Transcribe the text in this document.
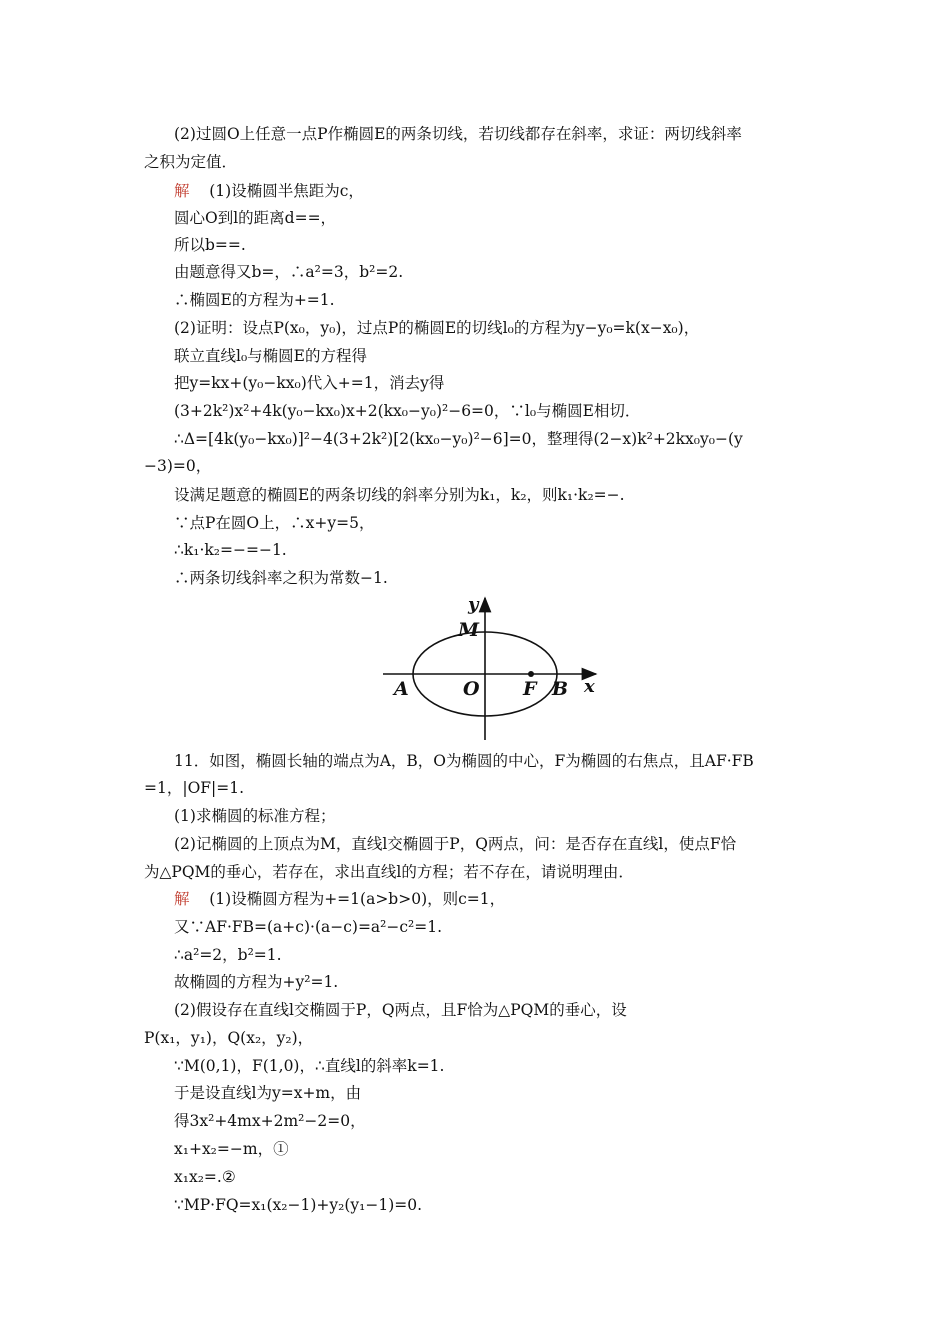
(2)过圆O上任意一点P作椭圆E的两条切线，若切线都存在斜率，求证：两切线斜率
之积为定值．
解 (1)设椭圆半焦距为c，
圆心O到l的距离d==，
所以b==.
由题意得又b=，∴a²=3，b²=2.
∴椭圆E的方程为+=1.
(2)证明：设点P(x₀，y₀)，过点P的椭圆E的切线l₀的方程为y−y₀=k(x−x₀)，
联立直线l₀与椭圆E的方程得
把y=kx+(y₀−kx₀)代入+=1，消去y得
(3+2k²)x²+4k(y₀−kx₀)x+2(kx₀−y₀)²−6=0，∵l₀与椭圆E相切．
∴Δ=[4k(y₀−kx₀)]²−4(3+2k²)[2(kx₀−y₀)²−6]=0，整理得(2−x)k²+2kx₀y₀−(y
−3)=0，
设满足题意的椭圆E的两条切线的斜率分别为k₁，k₂，则k₁·k₂=−.
∵点P在圆O上，∴x+y=5，
∴k₁·k₂=−=−1.
∴两条切线斜率之积为常数−1.
y
M
A	O F B x
11．如图，椭圆长轴的端点为A，B，O为椭圆的中心，F为椭圆的右焦点，且AF·FB
=1，|OF|=1.
(1)求椭圆的标准方程；
(2)记椭圆的上顶点为M，直线l交椭圆于P，Q两点，问：是否存在直线l，使点F恰
为△PQM的垂心，若存在，求出直线l的方程；若不存在，请说明理由．
解 (1)设椭圆方程为+=1(a>b>0)，则c=1，
又∵AF·FB=(a+c)·(a−c)=a²−c²=1.
∴a²=2，b²=1.
故椭圆的方程为+y²=1.
(2)假设存在直线l交椭圆于P，Q两点，且F恰为△PQM的垂心，设
P(x₁，y₁)，Q(x₂，y₂)，
∵M(0,1)，F(1,0)，∴直线l的斜率k=1.
于是设直线l为y=x+m，由
得3x²+4mx+2m²−2=0，
x₁+x₂=−m，①
x₁x₂=.②
∵MP·FQ=x₁(x₂−1)+y₂(y₁−1)=0.
